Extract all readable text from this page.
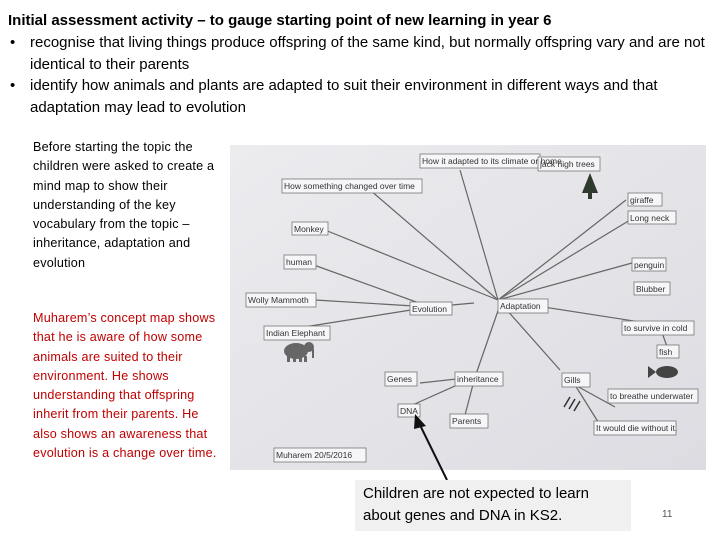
Initial assessment activity – to gauge starting point of new learning in year 6
• recognise that living things produce offspring of the same kind, but normally offspring vary and are not identical to their parents
• identify how animals and plants are adapted to suit their environment in different ways and that adaptation may lead to evolution
Before starting the topic the children were asked to create a mind map to show their understanding of the key vocabulary from the topic – inheritance, adaptation and evolution
Muharem’s concept map shows that he is aware of how some animals are suited to their environment. He shows understanding that offspring inherit from their parents. He also shows an awareness that evolution is a change over time.
How it adapted to its climate or home
jack nigh trees
How something changed over time
giraffe
Long neck
Monkey
human	penguin
Blubber
Wolly Mammoth
Evolution	Adaptation
Indian Elephant	to survive in cold
fish
Genes	inheritance	Gills
DNA
to breathe underwater
Parents
It would die without it.
Muharem 20/5/2016
Children are not expected to learn about genes and DNA in KS2.	11
